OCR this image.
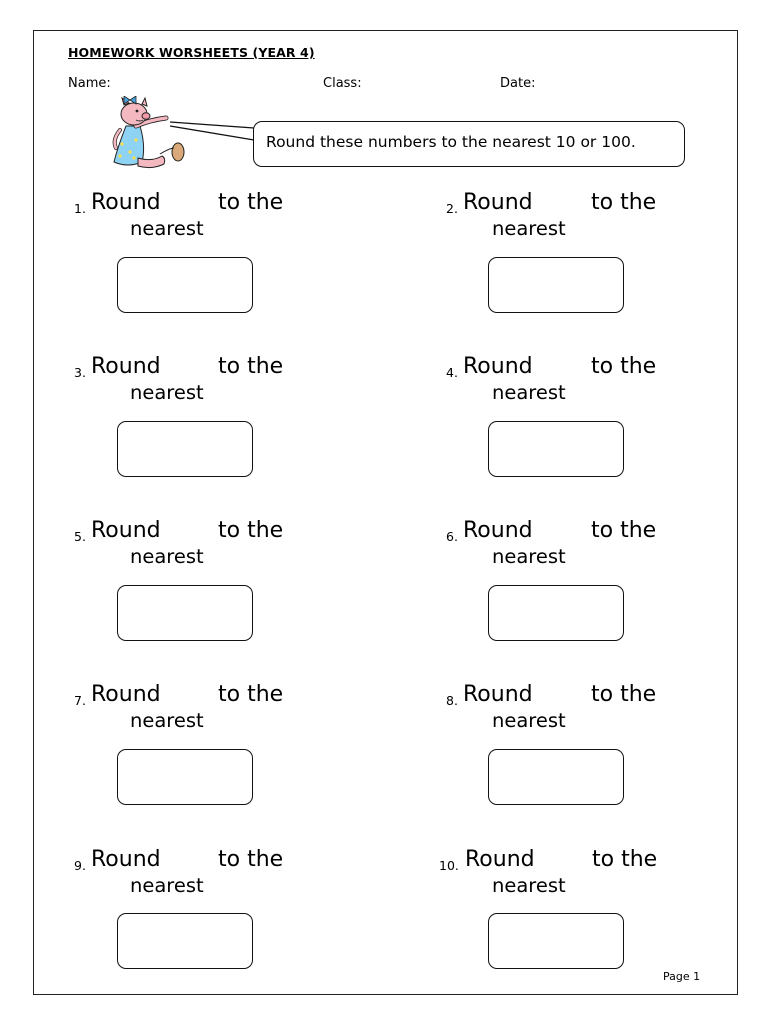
HOMEWORK WORSHEETS (YEAR 4)
Name:	Class:	Date:
Round these numbers to the nearest 10 or 100.
1. Round	to the
nearest
2. Round	to the
nearest
3. Round	to the
nearest
4. Round	to the
nearest
5. Round	to the
nearest
6. Round	to the
nearest
7. Round	to the
nearest
8. Round	to the
nearest
9. Round	to the
nearest
10. Round	to the
nearest
Page 1
